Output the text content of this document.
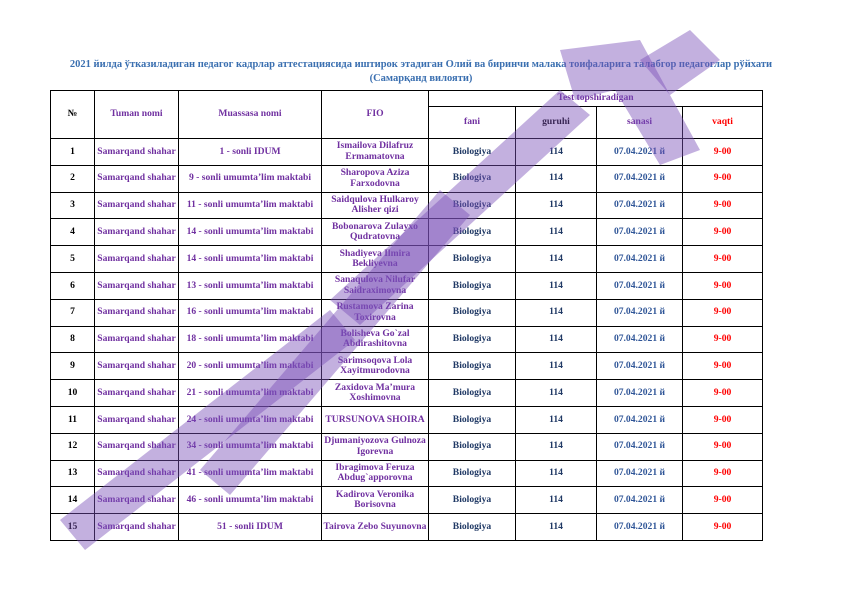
2021 йилда ўтказиладиган педагог кадрлар аттестациясида иштирок этадиган Олий ва биринчи малака тоифаларига талабгор педагоглар рўйхати (Самарқанд вилояти)
№	Tuman nomi	Muassasa nomi	FIO	Test topshiradigan			
				fani	guruhi	sanasi	vaqti
1	Samarqand shahar	1 - sonli IDUM	Ismailova Dilafruz Ermamatovna	Biologiya	114	07.04.2021 й	9-00
2	Samarqand shahar	9 - sonli umumta’lim maktabi	Sharopova Aziza Farxodovna	Biologiya	114	07.04.2021 й	9-00
3	Samarqand shahar	11 - sonli umumta’lim maktabi	Saidqulova Hulkaroy Alisher qizi	Biologiya	114	07.04.2021 й	9-00
4	Samarqand shahar	14 - sonli umumta’lim maktabi	Bobonarova Zulayxo Qudratovna	Biologiya	114	07.04.2021 й	9-00
5	Samarqand shahar	14 - sonli umumta’lim maktabi	Shadiyeva Ilmira Bekliyevna	Biologiya	114	07.04.2021 й	9-00
6	Samarqand shahar	13 - sonli umumta’lim maktabi	Sanaqulova Nilufar Saidraximovna	Biologiya	114	07.04.2021 й	9-00
7	Samarqand shahar	16 - sonli umumta’lim maktabi	Rustamova Zarina Toxirovna	Biologiya	114	07.04.2021 й	9-00
8	Samarqand shahar	18 - sonli umumta’lim maktabi	Bolisheva Go`zal Abdirashitovna	Biologiya	114	07.04.2021 й	9-00
9	Samarqand shahar	20 - sonli umumta’lim maktabi	Sarimsoqova Lola Xayitmurodovna	Biologiya	114	07.04.2021 й	9-00
10	Samarqand shahar	21 - sonli umumta’lim maktabi	Zaxidova Ma’mura Xoshimovna	Biologiya	114	07.04.2021 й	9-00
11	Samarqand shahar	24 - sonli umumta’lim maktabi	TURSUNOVA SHOIRA	Biologiya	114	07.04.2021 й	9-00
12	Samarqand shahar	34 - sonli umumta’lim maktabi	Djumaniyozova Gulnoza Igorevna	Biologiya	114	07.04.2021 й	9-00
13	Samarqand shahar	41 - sonli umumta’lim maktabi	Ibragimova Feruza Abdug`apporovna	Biologiya	114	07.04.2021 й	9-00
14	Samarqand shahar	46 - sonli umumta’lim maktabi	Kadirova Veronika Borisovna	Biologiya	114	07.04.2021 й	9-00
15	Samarqand shahar	51 - sonli IDUM	Tairova Zebo Suyunovna	Biologiya	114	07.04.2021 й	9-00
